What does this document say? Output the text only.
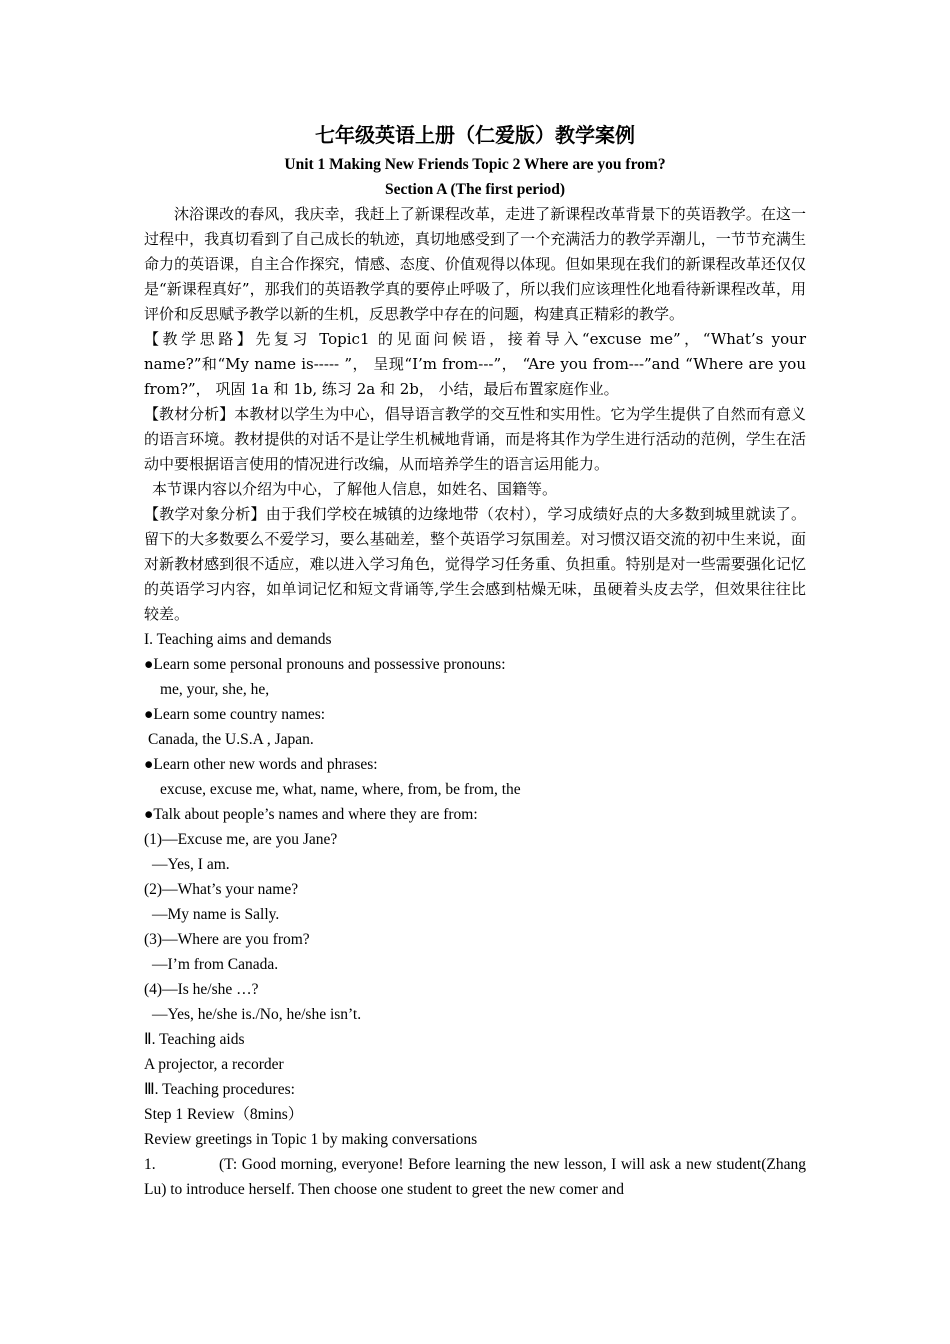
七年级英语上册（仁爱版）教学案例

Unit 1 Making New Friends Topic 2 Where are you from?

Section A (The first period)

沐浴课改的春风，我庆幸，我赶上了新课程改革，走进了新课程改革背景下的英语教学。在这一过程中，我真切看到了自己成长的轨迹，真切地感受到了一个充满活力的教学弄潮儿，一节节充满生命力的英语课，自主合作探究，情感、态度、价值观得以体现。但如果现在我们的新课程改革还仅仅是“新课程真好”，那我们的英语教学真的要停止呼吸了，所以我们应该理性化地看待新课程改革，用评价和反思赋予教学以新的生机，反思教学中存在的问题，构建真正精彩的教学。

【教学思路】先复习 Topic1 的见面问候语，接着导入“excuse me”，“What’s your name?”和“My name is----- ”， 呈现“I’m from---”， “Are you from---”and “Where are you from?”， 巩固 1a 和 1b, 练习 2a 和 2b， 小结，最后布置家庭作业。

【教材分析】本教材以学生为中心，倡导语言教学的交互性和实用性。它为学生提供了自然而有意义的语言环境。教材提供的对话不是让学生机械地背诵，而是将其作为学生进行活动的范例，学生在活动中要根据语言使用的情况进行改编，从而培养学生的语言运用能力。

本节课内容以介绍为中心，了解他人信息，如姓名、国籍等。

【教学对象分析】由于我们学校在城镇的边缘地带（农村），学习成绩好点的大多数到城里就读了。留下的大多数要么不爱学习，要么基础差，整个英语学习氛围差。对习惯汉语交流的初中生来说，面对新教材感到很不适应，难以进入学习角色，觉得学习任务重、负担重。特别是对一些需要强化记忆的英语学习内容，如单词记忆和短文背诵等,学生会感到枯燥无味，虽硬着头皮去学，但效果往往比较差。

I. Teaching aims and demands

●Learn some personal pronouns and possessive pronouns:

me, your, she, he,

●Learn some country names:

Canada, the U.S.A , Japan.

●Learn other new words and phrases:

excuse, excuse me, what, name, where, from, be from, the

●Talk about people’s names and where they are from:

(1)—Excuse me, are you Jane?

—Yes, I am.

(2)—What’s your name?

—My name is Sally.

(3)—Where are you from?

—I’m from Canada.

(4)—Is he/she …?

—Yes, he/she is./No, he/she isn’t.

Ⅱ. Teaching aids

A projector, a recorder

Ⅲ. Teaching procedures:

Step 1 Review（8mins）

Review greetings in Topic 1 by making conversations

1.	(T: Good morning, everyone! Before learning the new lesson, I will ask a new student(Zhang Lu) to introduce herself. Then choose one student to greet the new comer and
